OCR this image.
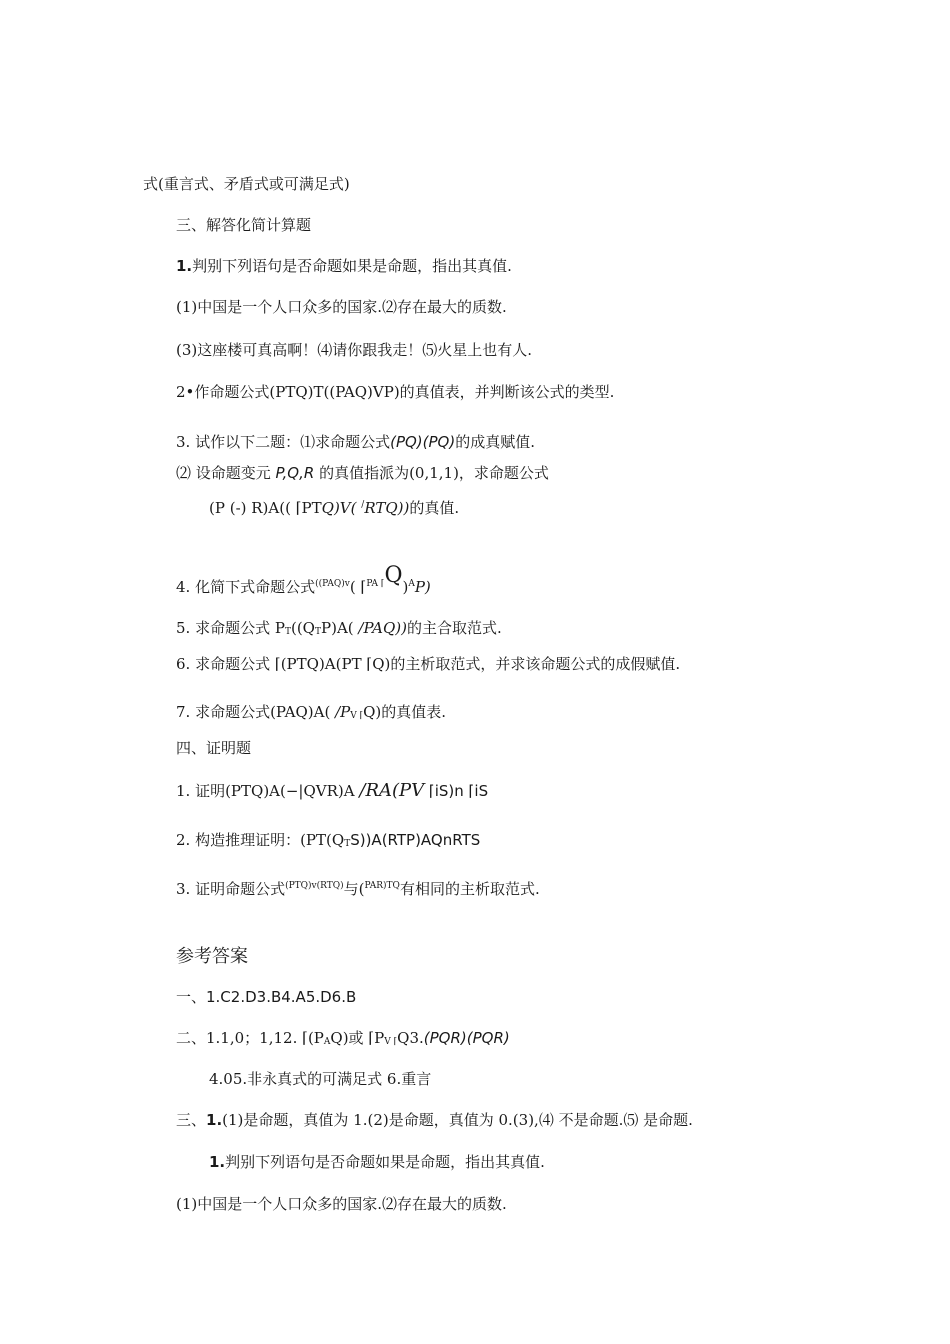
式(重言式、矛盾式或可满足式)
三、解答化简计算题
1.判别下列语句是否命题如果是命题，指出其真值.
(1)中国是一个人口众多的国家.⑵存在最大的质数.
(3)这座楼可真高啊！⑷请你跟我走！⑸火星上也有人.
2•作命题公式(PTQ)T((PAQ)VP)的真值表，并判断该公式的类型.
3. 试作以下二题：⑴求命题公式(PQ)(PQ)的成真赋值.
⑵ 设命题变元 P,Q,R 的真值指派为(0,1,1)，求命题公式
(P (-) R)A(( ⌈PTQ)V( /RTQ))的真值.
4. 化简下式命题公式$^{((PAQ)v}$( ⌈$^{PA ⌈}$Q)$^A$P)
5. 求命题公式 PT((QTP)A( /PAQ))的主合取范式.
6. 求命题公式 ⌈(PTQ)A(PT ⌈Q)的主析取范式，并求该命题公式的成假赋值.
7. 求命题公式(PAQ)A( /PV ⌈Q)的真值表.
四、证明题
1. 证明(PTQ)A(−|QVR)A /RA(PV ⌈iS)n ⌈iS
2. 构造推理证明：(PT(QTS))A(RTP)AQnRTS
3. 证明命题公式$^{(PTQ)v(RTQ)}$与($^{PAR)TQ}$有相同的主析取范式.
参考答案
一、1.C2.D3.B4.A5.D6.B
二、1.1,0；1,12. ⌈(PAQ)或 ⌈PV ⌈Q3.(PQR)(PQR)
4.05.非永真式的可满足式 6.重言
三、1.(1)是命题，真值为 1.(2)是命题，真值为 0.(3),⑷ 不是命题.⑸ 是命题.
1.判别下列语句是否命题如果是命题，指出其真值.
(1)中国是一个人口众多的国家.⑵存在最大的质数.
